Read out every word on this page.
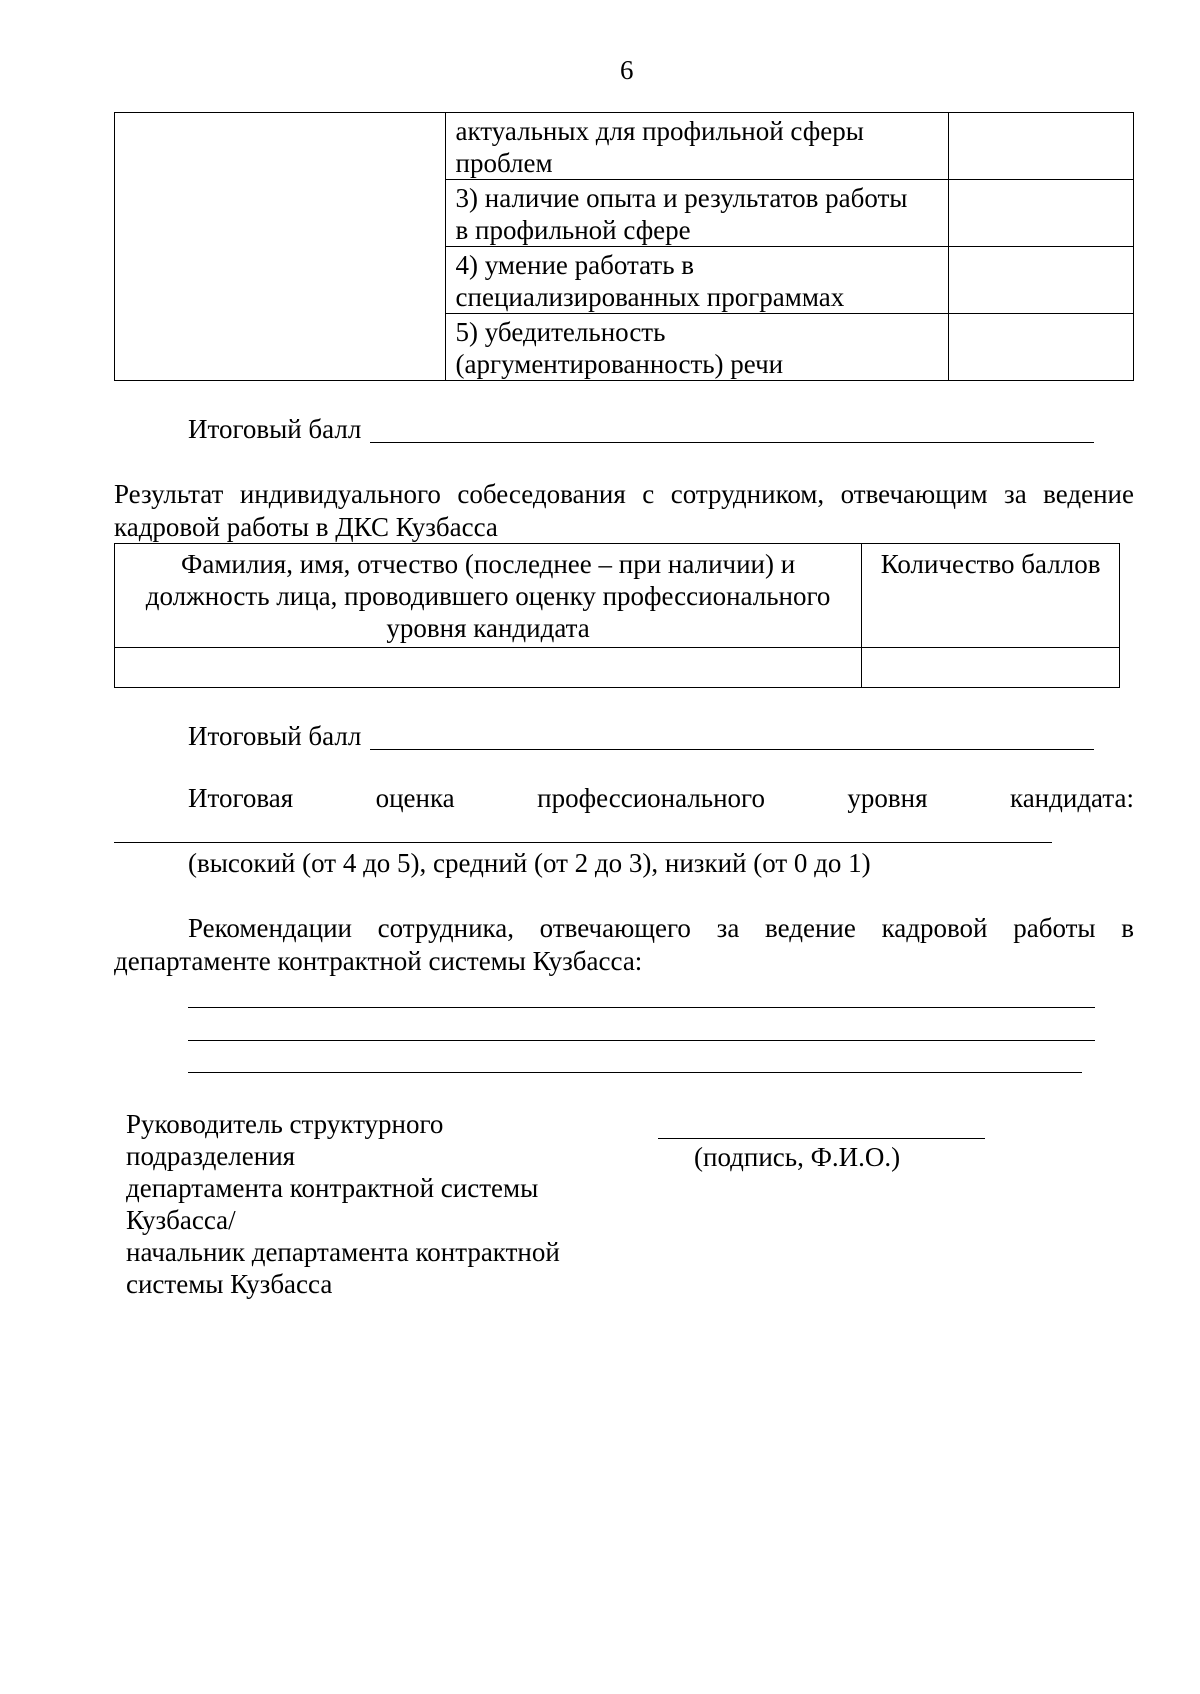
6

	актуальных для профильной сферы
проблем	

	3) наличие опыта и результатов работы
в профильной сфере	

	4) умение работать в
специализированных программах	

	5) убедительность
(аргументированность) речи	

Итоговый балл
Результат индивидуального собеседования с сотрудником, отвечающим за ведение
кадровой работы в ДКС Кузбасса
Фамилия, имя, отчество (последнее – при наличии) и
должность лица, проводившего оценку профессионального
уровня кандидата	Количество баллов

Итоговый балл
Итоговая	оценка	профессионального	уровня	кандидата:
(высокий (от 4 до 5), средний (от 2 до 3), низкий (от 0 до 1)
Рекомендации сотрудника, отвечающего за ведение кадровой работы в
департаменте контрактной системы Кузбасса:
Руководитель структурного
подразделения
департамента контрактной системы
Кузбасса/
начальник департамента контрактной
системы Кузбасса
(подпись, Ф.И.О.)
